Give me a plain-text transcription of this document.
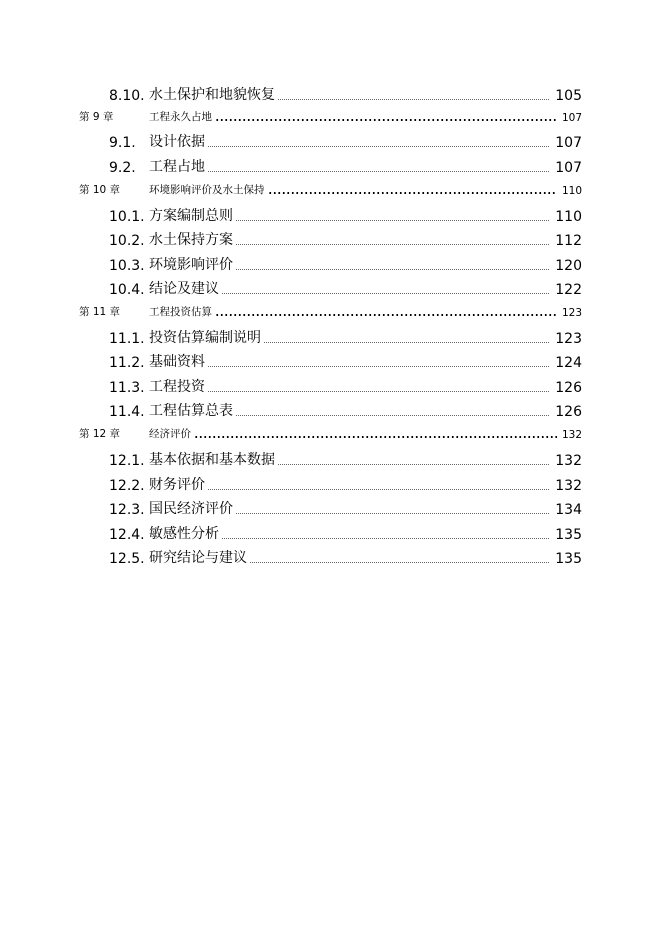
8.10. 水土保护和地貌恢复	105
第 9 章	工程永久占地	107
9.1. 设计依据	107
9.2. 工程占地	107
第 10 章	环境影响评价及水土保持	110
10.1. 方案编制总则	110
10.2. 水土保持方案	112
10.3. 环境影响评价	120
10.4. 结论及建议	122
第 11 章	工程投资估算	123
11.1. 投资估算编制说明	123
11.2. 基础资料	124
11.3. 工程投资	126
11.4. 工程估算总表	126
第 12 章	经济评价	132
12.1. 基本依据和基本数据	132
12.2. 财务评价	132
12.3. 国民经济评价	134
12.4. 敏感性分析	135
12.5. 研究结论与建议	135
